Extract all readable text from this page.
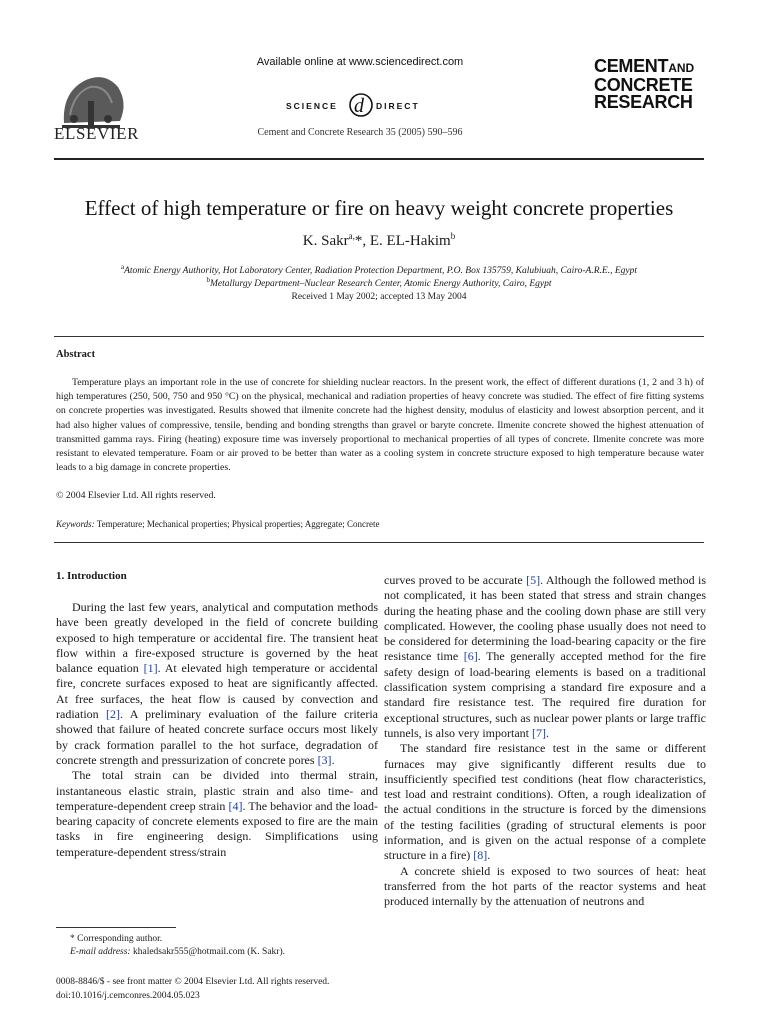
ELSEVIER
Available online at www.sciencedirect.com
SCIENCE d DIRECT
Cement and Concrete Research 35 (2005) 590–596
CEMENTAND
CONCRETE
RESEARCH
Effect of high temperature or fire on heavy weight concrete properties
K. Sakr$^{a,}$*, E. EL-Hakim$^b$
$^a$Atomic Energy Authority, Hot Laboratory Center, Radiation Protection Department, P.O. Box 135759, Kalubiuah, Cairo-A.R.E., Egypt
$^b$Metallurgy Department–Nuclear Research Center, Atomic Energy Authority, Cairo, Egypt
Received 1 May 2002; accepted 13 May 2004
Abstract
Temperature plays an important role in the use of concrete for shielding nuclear reactors. In the present work, the effect of different durations (1, 2 and 3 h) of high temperatures (250, 500, 750 and 950 °C) on the physical, mechanical and radiation properties of heavy concrete was studied. The effect of fire fitting systems on concrete properties was investigated. Results showed that ilmenite concrete had the highest density, modulus of elasticity and lowest absorption percent, and it had also higher values of compressive, tensile, bending and bonding strengths than gravel or baryte concrete. Ilmenite concrete showed the highest attenuation of transmitted gamma rays. Firing (heating) exposure time was inversely proportional to mechanical properties of all types of concrete. Ilmenite concrete was more resistant to elevated temperature. Foam or air proved to be better than water as a cooling system in concrete structure exposed to high temperature because water leads to a big damage in concrete properties.
© 2004 Elsevier Ltd. All rights reserved.
Keywords: Temperature; Mechanical properties; Physical properties; Aggregate; Concrete
1. Introduction

During the last few years, analytical and computation methods have been greatly developed in the field of concrete building exposed to high temperature or accidental fire. The transient heat flow within a fire-exposed structure is governed by the heat balance equation [1]. At elevated high temperature or accidental fire, concrete surfaces exposed to heat are significantly affected. At free surfaces, the heat flow is caused by convection and radiation [2]. A preliminary evaluation of the failure criteria showed that failure of heated concrete surface occurs most likely by crack formation parallel to the hot surface, degradation of concrete strength and pressurization of concrete pores [3].

The total strain can be divided into thermal strain, instantaneous elastic strain, plastic strain and also time- and temperature-dependent creep strain [4]. The behavior and the load-bearing capacity of concrete elements exposed to fire are the main tasks in fire engineering design. Simplifications using temperature-dependent stress/strain

curves proved to be accurate [5]. Although the followed method is not complicated, it has been stated that stress and strain changes during the heating phase and the cooling down phase are still very complicated. However, the cooling phase usually does not need to be considered for determining the load-bearing capacity or the fire resistance time [6]. The generally accepted method for the fire safety design of load-bearing elements is based on a traditional classification system comprising a standard fire exposure and a standard fire resistance test. The required fire duration for exceptional structures, such as nuclear power plants or large traffic tunnels, is also very important [7].

The standard fire resistance test in the same or different furnaces may give significantly different results due to insufficiently specified test conditions (heat flow characteristics, test load and restraint conditions). Often, a rough idealization of the actual conditions in the structure is forced by the dimensions of the testing facilities (grading of structural elements is poor information, and is given on the actual response of a complete structure in a fire) [8].

A concrete shield is exposed to two sources of heat: heat transferred from the hot parts of the reactor systems and heat produced internally by the attenuation of neutrons and

* Corresponding author.
E-mail address: khaledsakr555@hotmail.com (K. Sakr).
0008-8846/$ - see front matter © 2004 Elsevier Ltd. All rights reserved.
doi:10.1016/j.cemconres.2004.05.023
